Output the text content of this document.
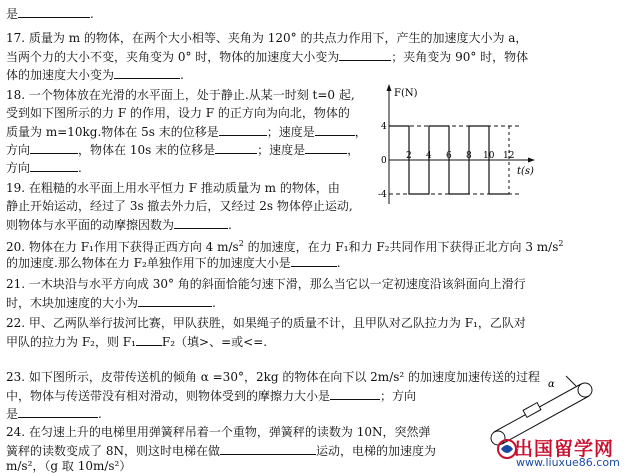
是	.
17. 质量为 m 的物体，在两个大小相等、夹角为 120° 的共点力作用下，产生的加速度大小为 a，
当两个力的大小不变，夹角变为 0° 时，物体的加速度大小变为	；夹角变为 90° 时，物体
体的加速度大小变为	.
18. 一个物体放在光滑的水平面上，处于静止.从某一时刻 t=0 起,
受到如下图所示的力 F 的作用，设力 F 的正方向为向北，物体的
质量为 m=10kg.物体在 5s 末的位移是	；速度是	，
方向	，物体在 10s 末的位移是	；速度是	，
方向	.
19. 在粗糙的水平面上用水平恒力 F 推动质量为 m 的物体，由
静止开始运动，经过了 3s 撤去外力后，又经过 2s 物体停止运动,
则物体与水平面的动摩擦因数为	.
20. 物体在力 F₁作用下获得正西方向 4 $m/s^2$ 的加速度，在力 F₁和力 F₂共同作用下获得正北方向 3 $m/s^2$
的加速度.那么物体在力 F₂单独作用下的加速度大小是	.
21. 一木块沿与水平方向成 30° 角的斜面恰能匀速下滑，那么当它以一定初速度沿该斜面向上滑行
时，木块加速度的大小为	.
22. 甲、乙两队举行拔河比赛，甲队获胜，如果绳子的质量不计，且甲队对乙队拉力为 F₁，乙队对
甲队的拉力为 F₂，则 F₁ F₂（填>、=或<=.
23. 如下图所示，皮带传送机的倾角 α =30°，2kg 的物体在向下以 2m/s² 的加速度加速传送的过程
中，物体与传送带没有相对滑动，则物体受到的摩擦力大小是	；方向
是	.
24. 在匀速上升的电梯里用弹簧秤吊着一个重物，弹簧秤的读数为 10N，突然弹
簧秤的读数变成了 8N，则这时电梯在做	运动，电梯的加速度为
m/s²，（g 取 10m/s²）
F(N)
t(s)
2 4 6 8 10 12
4
0
-4
α
出国留学网
www.liuxue86.com
